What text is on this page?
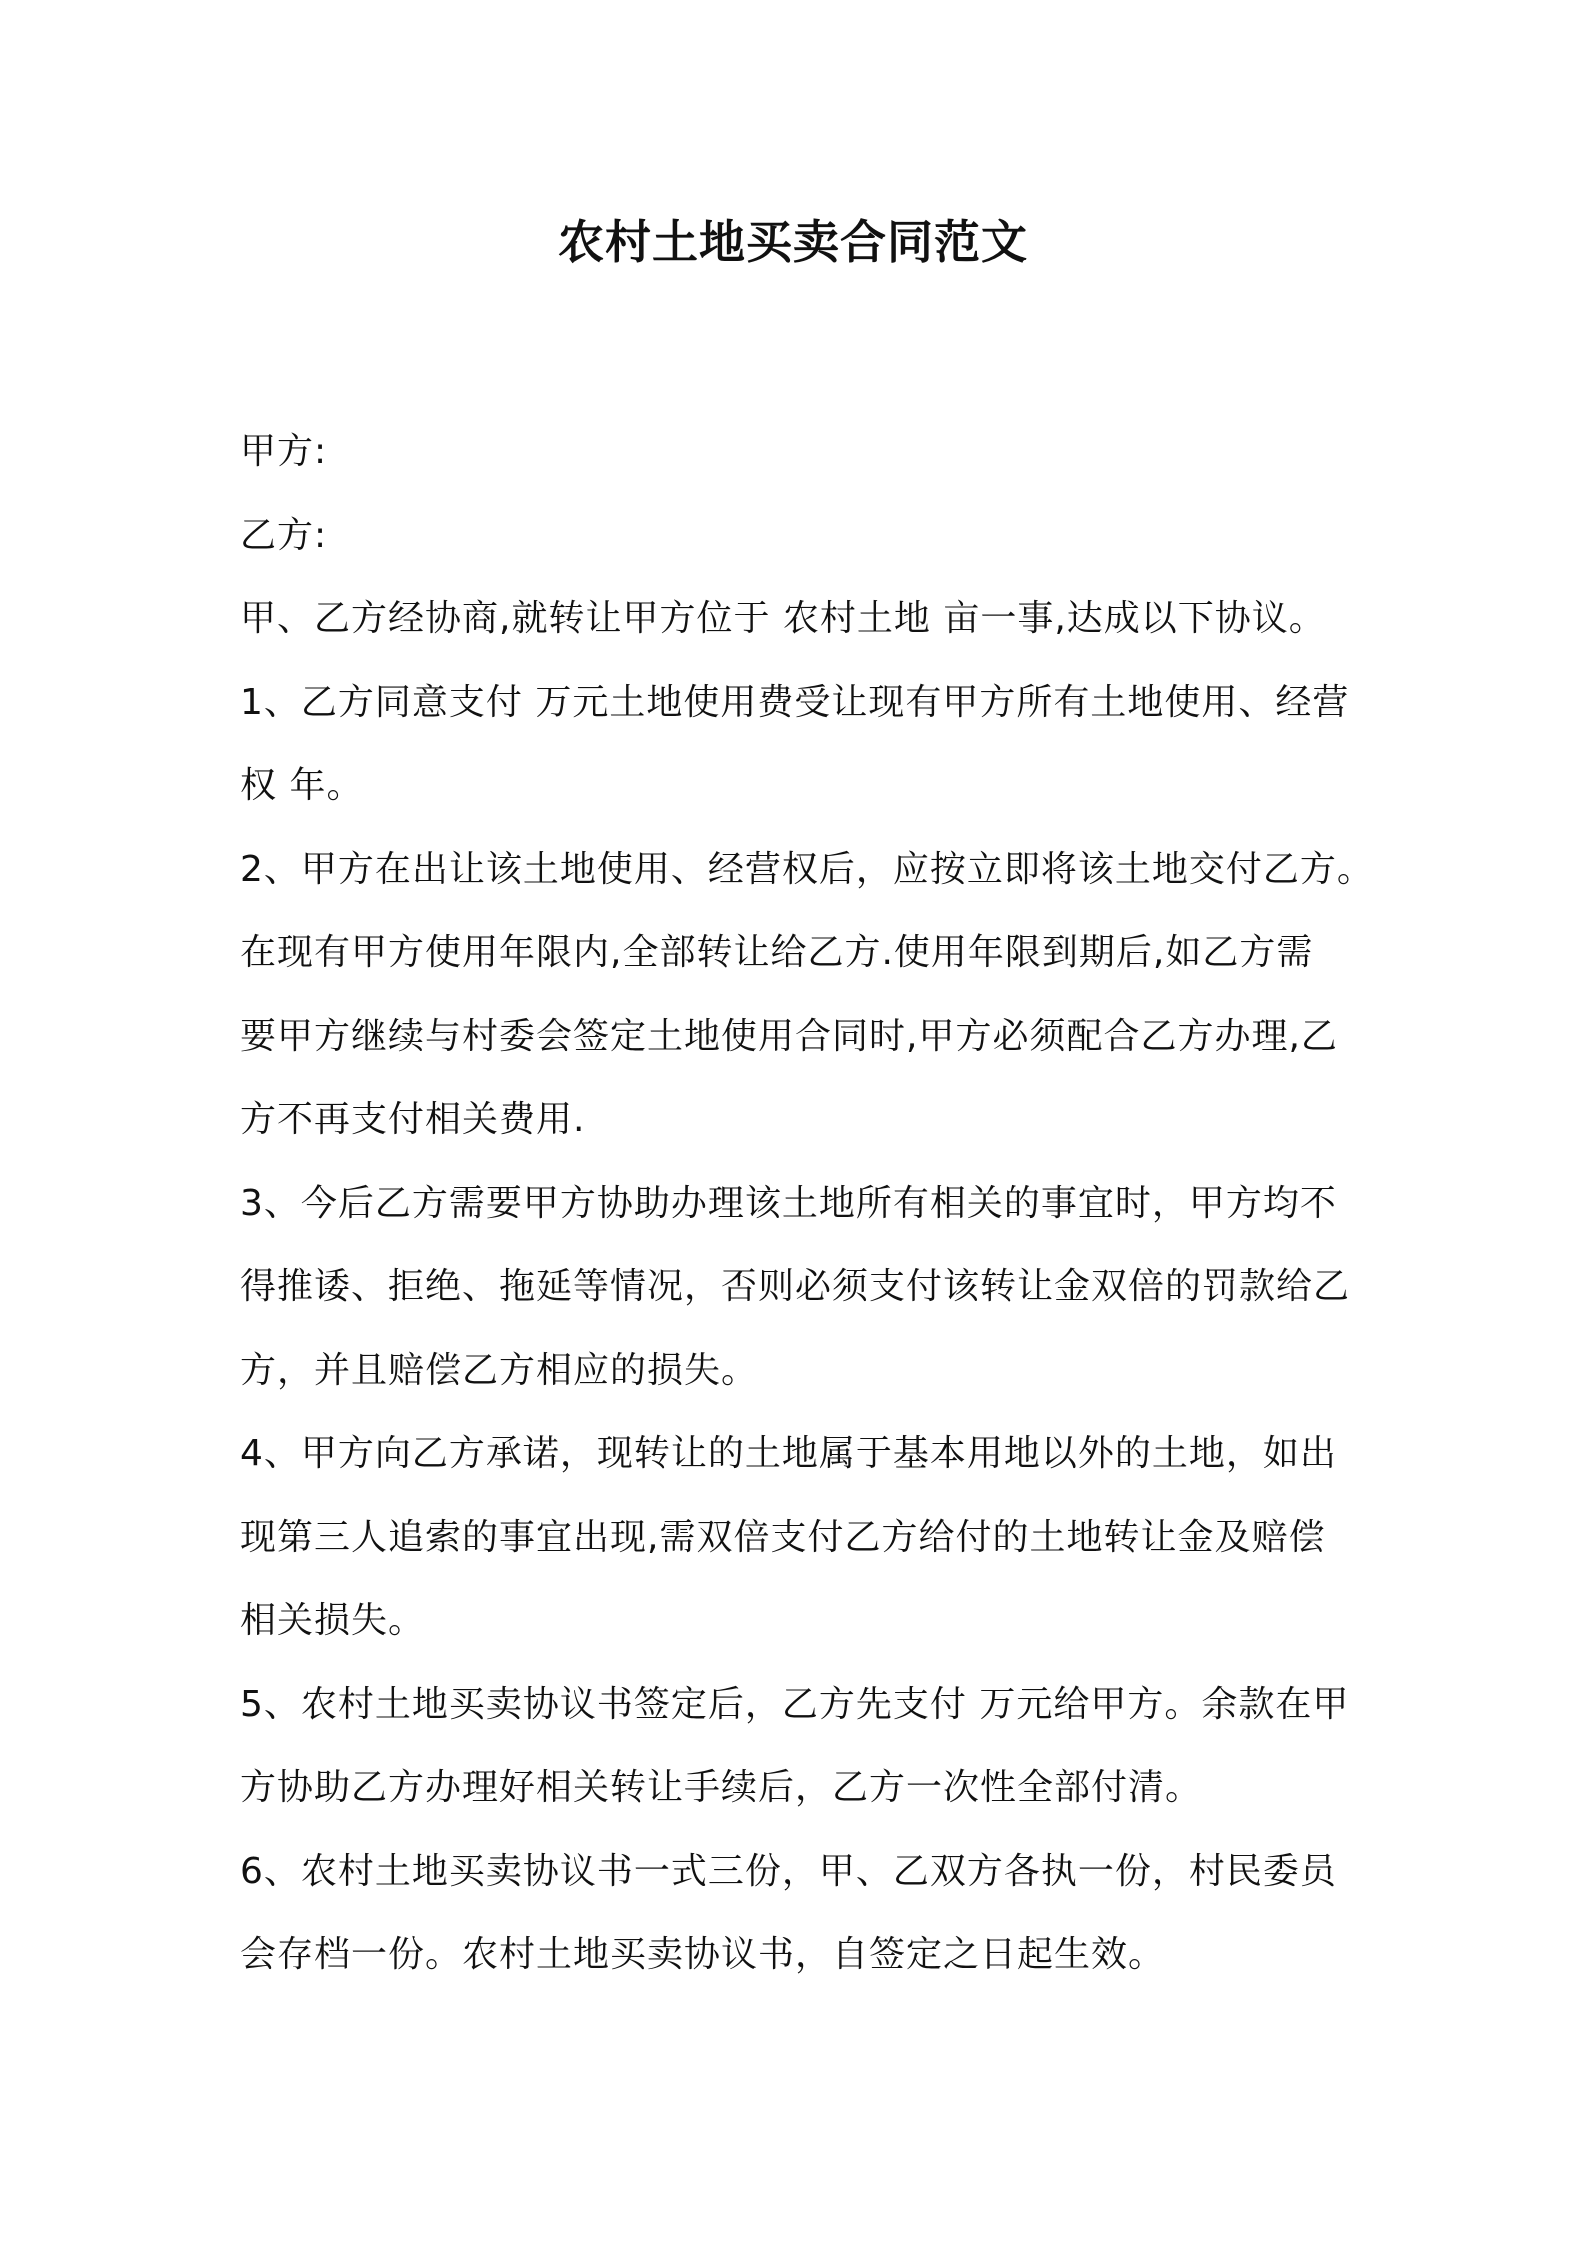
农村土地买卖合同范文
甲方:
乙方:
甲、乙方经协商,就转让甲方位于 农村土地 亩一事,达成以下协议。
1、乙方同意支付 万元土地使用费受让现有甲方所有土地使用、经营
权 年。
2、甲方在出让该土地使用、经营权后，应按立即将该土地交付乙方。
在现有甲方使用年限内,全部转让给乙方.使用年限到期后,如乙方需
要甲方继续与村委会签定土地使用合同时,甲方必须配合乙方办理,乙
方不再支付相关费用.
3、今后乙方需要甲方协助办理该土地所有相关的事宜时，甲方均不
得推诿、拒绝、拖延等情况，否则必须支付该转让金双倍的罚款给乙
方，并且赔偿乙方相应的损失。
4、甲方向乙方承诺，现转让的土地属于基本用地以外的土地，如出
现第三人追索的事宜出现,需双倍支付乙方给付的土地转让金及赔偿
相关损失。
5、农村土地买卖协议书签定后，乙方先支付 万元给甲方。余款在甲
方协助乙方办理好相关转让手续后，乙方一次性全部付清。
6、农村土地买卖协议书一式三份，甲、乙双方各执一份，村民委员
会存档一份。农村土地买卖协议书，自签定之日起生效。
